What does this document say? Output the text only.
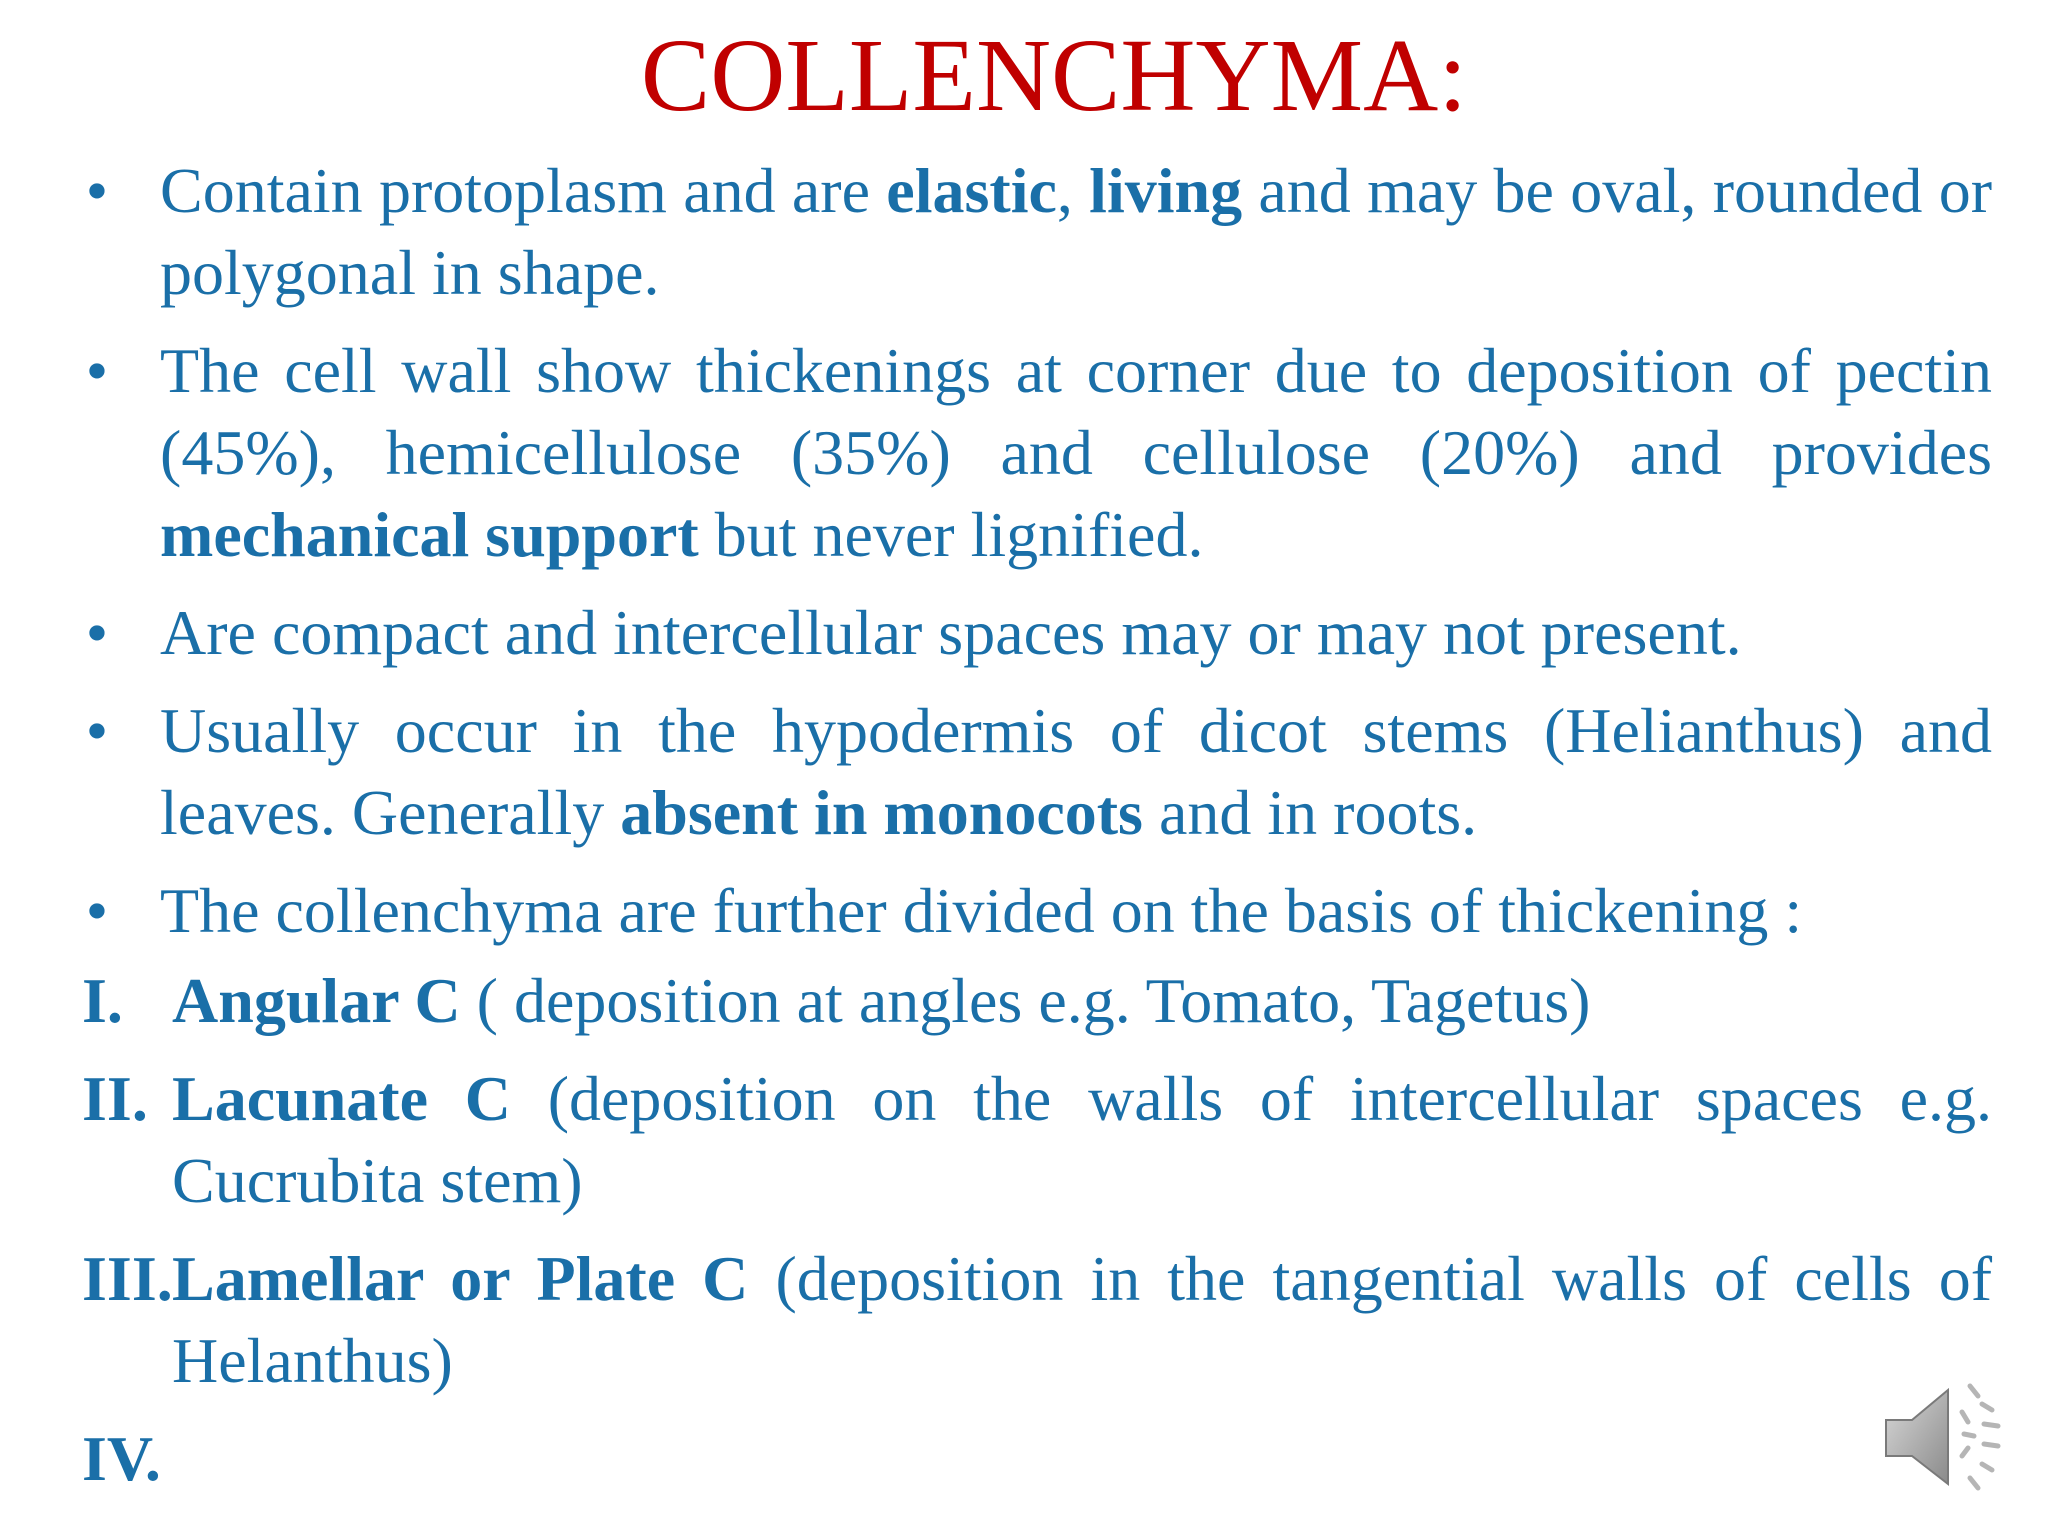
COLLENCHYMA:
• Contain protoplasm and are elastic, living and may be oval, rounded or polygonal in shape.
• The cell wall show thickenings at corner due to deposition of pectin (45%), hemicellulose (35%) and cellulose (20%) and provides mechanical support but never lignified.
• Are compact and intercellular spaces may or may not present.
• Usually occur in the hypodermis of dicot stems (Helianthus) and leaves. Generally absent in monocots and in roots.
• The collenchyma are further divided on the basis of thickening :
I. Angular C ( deposition at angles e.g. Tomato, Tagetus)
II. Lacunate C (deposition on the walls of intercellular spaces e.g. Cucrubita stem)
III. Lamellar or Plate C (deposition in the tangential walls of cells of Helanthus)
IV.
